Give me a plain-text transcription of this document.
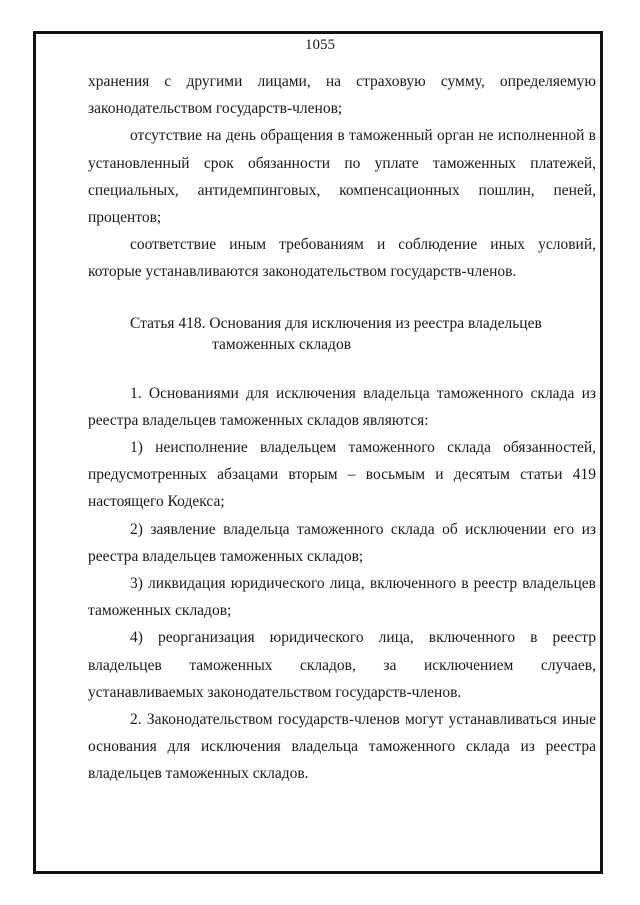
1055

хранения с другими лицами, на страховую сумму, определяемую законодательством государств-членов;

отсутствие на день обращения в таможенный орган не исполненной в установленный срок обязанности по уплате таможенных платежей, специальных, антидемпинговых, компенсационных пошлин, пеней, процентов;

соответствие иным требованиям и соблюдение иных условий, которые устанавливаются законодательством государств-членов.

Статья 418. Основания для исключения из реестра владельцев
таможенных складов

1. Основаниями для исключения владельца таможенного склада из реестра владельцев таможенных складов являются:

1) неисполнение владельцем таможенного склада обязанностей, предусмотренных абзацами вторым – восьмым и десятым статьи 419 настоящего Кодекса;

2) заявление владельца таможенного склада об исключении его из реестра владельцев таможенных складов;

3) ликвидация юридического лица, включенного в реестр владельцев таможенных складов;

4) реорганизация юридического лица, включенного в реестр владельцев таможенных складов, за исключением случаев, устанавливаемых законодательством государств-членов.

2. Законодательством государств-членов могут устанавливаться иные основания для исключения владельца таможенного склада из реестра владельцев таможенных складов.
